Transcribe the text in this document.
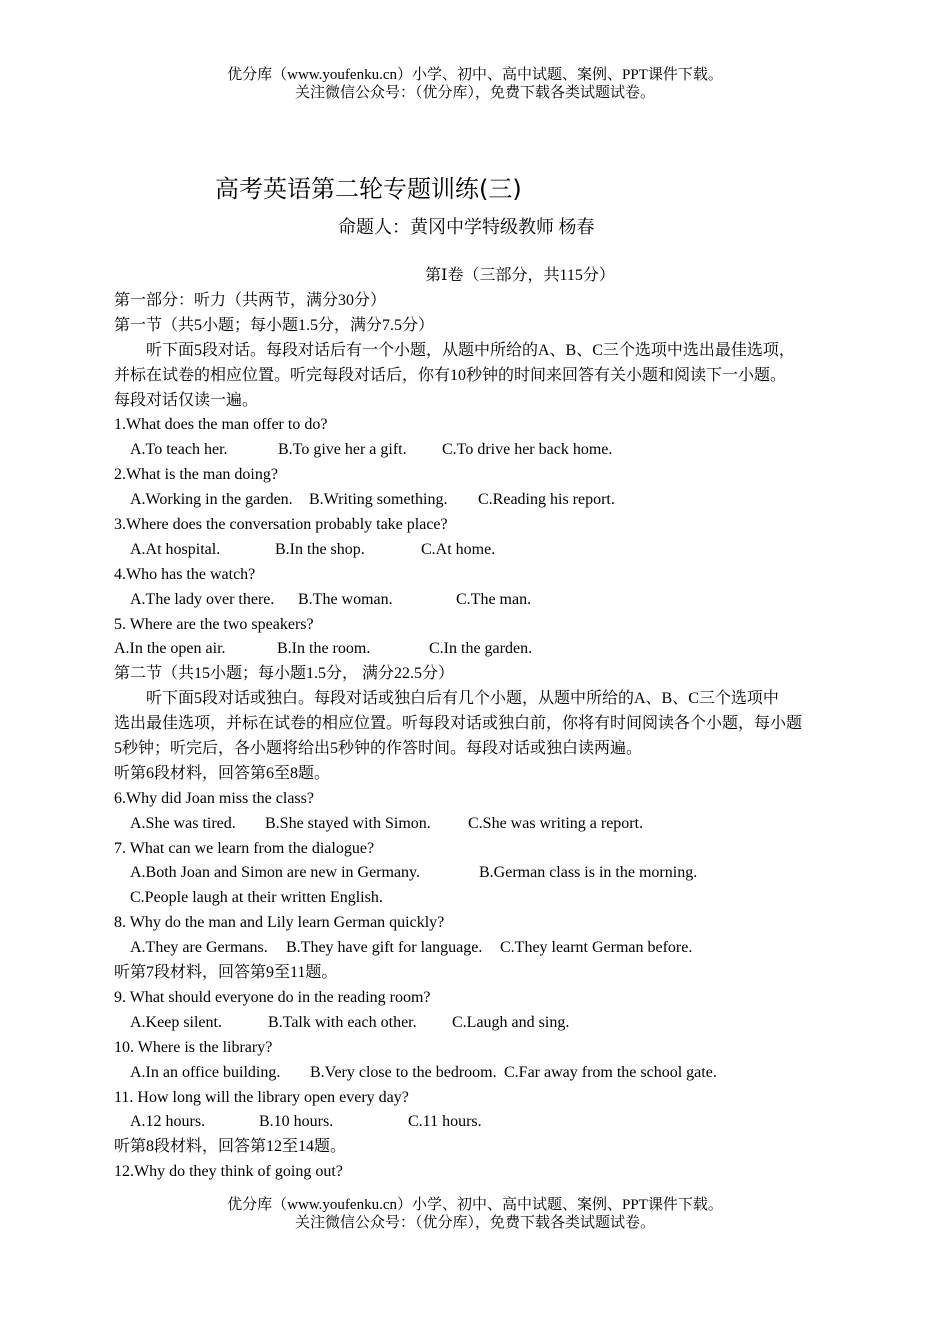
优分库（www.youfenku.cn）小学、初中、高中试题、案例、PPT课件下载。
关注微信公众号：（优分库），免费下载各类试题试卷。
高考英语第二轮专题训练(三)
命题人：黄冈中学特级教师 杨春
第Ⅰ卷（三部分，共115分）
第一部分：听力（共两节，满分30分）
第一节（共5小题；每小题1.5分，满分7.5分）
听下面5段对话。每段对话后有一个小题，从题中所给的A、B、C三个选项中选出最佳选项，
并标在试卷的相应位置。听完每段对话后，你有10秒钟的时间来回答有关小题和阅读下一小题。
每段对话仅读一遍。
1.What does the man offer to do?
A.To teach her.	B.To give her a gift. C.To drive her back home.
2.What is the man doing?
A.Working in the garden. B.Writing something. C.Reading his report.
3.Where does the conversation probably take place?
A.At hospital.	B.In the shop.	C.At home.
4.Who has the watch?
A.The lady over there. B.The woman.	C.The man.
5. Where are the two speakers?
A.In the open air.	B.In the room.	C.In the garden.
第二节（共15小题；每小题1.5分， 满分22.5分）
听下面5段对话或独白。每段对话或独白后有几个小题，从题中所给的A、B、C三个选项中
选出最佳选项，并标在试卷的相应位置。听每段对话或独白前，你将有时间阅读各个小题，每小题
5秒钟；听完后，各小题将给出5秒钟的作答时间。每段对话或独白读两遍。
听第6段材料，回答第6至8题。
6.Why did Joan miss the class?
A.She was tired. B.She stayed with Simon. C.She was writing a report.
7. What can we learn from the dialogue?
A.Both Joan and Simon are new in Germany.	B.German class is in the morning.
C.People laugh at their written English.
8. Why do the man and Lily learn German quickly?
A.They are Germans. B.They have gift for language. C.They learnt German before.
听第7段材料，回答第9至11题。
9. What should everyone do in the reading room?
A.Keep silent.	B.Talk with each other. C.Laugh and sing.
10. Where is the library?
A.In an office building. B.Very close to the bedroom. C.Far away from the school gate.
11. How long will the library open every day?
A.12 hours.	B.10 hours.	C.11 hours.
听第8段材料，回答第12至14题。
12.Why do they think of going out?
优分库（www.youfenku.cn）小学、初中、高中试题、案例、PPT课件下载。
关注微信公众号：（优分库），免费下载各类试题试卷。
